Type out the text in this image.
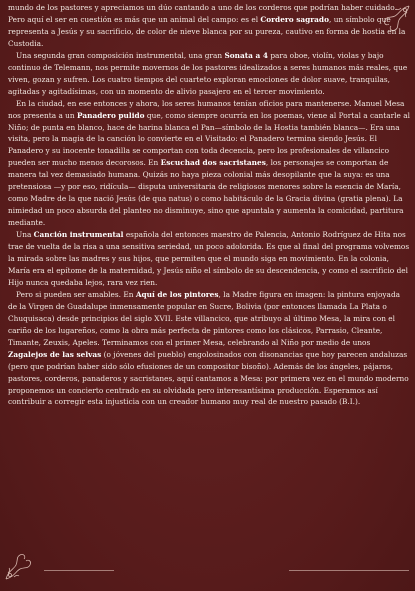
mundo de los pastores y apreciamos un dúo cantando a uno de los corderos que podrían haber cuidado. Pero aquí el ser en cuestión es más que un animal del campo: es el Cordero sagrado, un símbolo que representa a Jesús y su sacrificio, de color de nieve blanca por su pureza, cautivo en forma de hostia en la Custodia.

Una segunda gran composición instrumental, una gran Sonata a 4 para oboe, violín, violas y bajo continuo de Telemann, nos permite movernos de los pastores idealizados a seres humanos más reales, que viven, gozan y sufren. Los cuatro tiempos del cuarteto exploran emociones de dolor suave, tranquilas, agitadas y agitadísimas, con un momento de alivio pasajero en el tercer movimiento.

En la ciudad, en ese entonces y ahora, los seres humanos tenían oficios para mantenerse. Manuel Mesa nos presenta a un Panadero pulido que, como siempre ocurría en los poemas, viene al Portal a cantarle al Niño; de punta en blanco, hace de harina blanca el Pan—símbolo de la Hostia también blanca—. Era una visita, pero la magia de la canción lo convierte en el Visitado: el Panadero termina siendo Jesús. El Panadero y su inocente tonadilla se comportan con toda decencia, pero los profesionales de villancico pueden ser mucho menos decorosos. En Escuchad dos sacristanes, los personajes se comportan de manera tal vez demasiado humana. Quizás no haya pieza colonial más desopilante que la suya: es una pretensiosa —y por eso, ridícula— disputa universitaria de religiosos menores sobre la esencia de María, como Madre de la que nació Jesús (de qua natus) o como habitáculo de la Gracia divina (gratia plena). La nimiedad un poco absurda del planteo no disminuye, sino que apuntala y aumenta la comicidad, partitura mediante.

Una Canción instrumental española del entonces maestro de Palencia, Antonio Rodríguez de Hita nos trae de vuelta de la risa a una sensitiva seriedad, un poco adolorida. Es que al final del programa volvemos la mirada sobre las madres y sus hijos, que permiten que el mundo siga en movimiento. En la colonia, María era el epítome de la maternidad, y Jesús niño el símbolo de su descendencia, y como el sacrificio del Hijo nunca quedaba lejos, rara vez rien.

Pero si pueden ser amables. En Aquí de los pintores, la Madre figura en imagen: la pintura enjoyada de la Virgen de Guadalupe inmensamente popular en Sucre, Bolivia (por entonces llamada La Plata o Chuquisaca) desde principios del siglo XVII. Este villancico, que atribuyo al último Mesa, la mira con el cariño de los lugareños, como la obra más perfecta de pintores como los clásicos, Parrasio, Cleante, Timante, Zeuxis, Apeles. Terminamos con el primer Mesa, celebrando al Niño por medio de unos Zagalejos de las selvas (o jóvenes del pueblo) engolosinados con disonancias que hoy parecen andaluzas (pero que podrían haber sido sólo efusiones de un compositor bisoño). Además de los ángeles, pájaros, pastores, corderos, panaderos y sacristanes, aquí cantamos a Mesa: por primera vez en el mundo moderno proponemos un concierto centrado en su olvidada pero interesantísima producción. Esperamos así contribuir a corregir esta injusticia con un creador humano muy real de nuestro pasado (B.I.).
